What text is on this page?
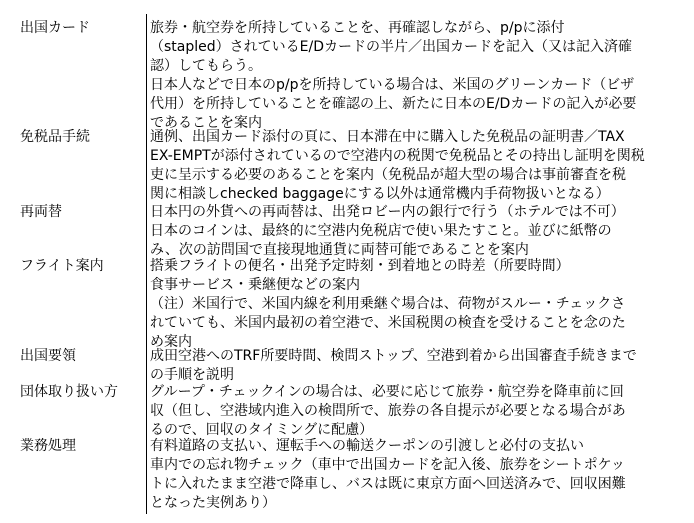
出国カード	旅券・航空券を所持していることを、再確認しながら、p/pに添付
（stapled）されているE/Dカードの半片／出国カードを記入（又は記入済確
認）してもらう。
日本人などで日本のp/pを所持している場合は、米国のグリーンカード（ビザ
代用）を所持していることを確認の上、新たに日本のE/Dカードの記入が必要
であることを案内
免税品手続	通例、出国カード添付の頁に、日本滞在中に購入した免税品の証明書／TAX
EX-EMPTが添付されているので空港内の税関で免税品とその持出し証明を関税
吏に呈示する必要のあることを案内（免税品が超大型の場合は事前審査を税
関に相談しchecked baggageにする以外は通常機内手荷物扱いとなる）
再両替	日本円の外貨への再両替は、出発ロビー内の銀行で行う（ホテルでは不可）
日本のコインは、最終的に空港内免税店で使い果たすこと。並びに紙幣の
み、次の訪問国で直接現地通貨に両替可能であることを案内
フライト案内	搭乗フライトの便名・出発予定時刻・到着地との時差（所要時間）
食事サービス・乗継便などの案内
（注）米国行で、米国内線を利用乗継ぐ場合は、荷物がスルー・チェックさ
れていても、米国内最初の着空港で、米国税関の検査を受けることを念のた
め案内
出国要領	成田空港へのTRF所要時間、検問ストップ、空港到着から出国審査手続きまで
の手順を説明
団体取り扱い方 グループ・チェックインの場合は、必要に応じて旅券・航空券を降車前に回
収（但し、空港域内進入の検問所で、旅券の各自提示が必要となる場合があ
るので、回収のタイミングに配慮）
業務処理	有料道路の支払い、運転手への輸送クーポンの引渡しと必付の支払い
車内での忘れ物チェック（車中で出国カードを記入後、旅券をシートポケッ
トに入れたまま空港で降車し、バスは既に東京方面へ回送済みで、回収困難
となった実例あり）
